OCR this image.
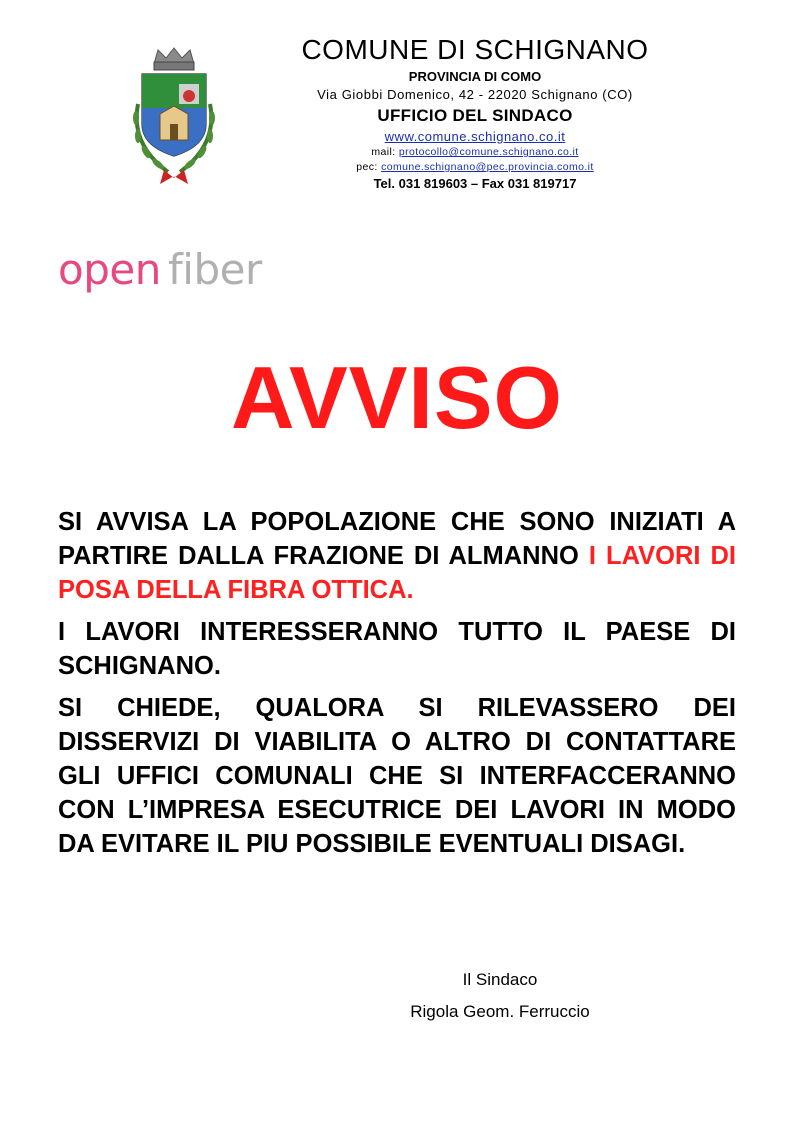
COMUNE DI SCHIGNANO
PROVINCIA DI COMO
Via Giobbi Domenico, 42 - 22020 Schignano (CO)
UFFICIO DEL SINDACO
www.comune.schignano.co.it
mail: protocollo@comune.schignano.co.it
pec: comune.schignano@pec.provincia.como.it
Tel. 031 819603 – Fax 031 819717
open fiber
AVVISO

SI AVVISA LA POPOLAZIONE CHE SONO INIZIATI A PARTIRE DALLA FRAZIONE DI ALMANNO I LAVORI DI POSA DELLA FIBRA OTTICA.

I LAVORI INTERESSERANNO TUTTO IL PAESE DI SCHIGNANO.

SI CHIEDE, QUALORA SI RILEVASSERO DEI DISSERVIZI DI VIABILITA O ALTRO DI CONTATTARE GLI UFFICI COMUNALI CHE SI INTERFACCERANNO CON L’IMPRESA ESECUTRICE DEI LAVORI IN MODO DA EVITARE IL PIU POSSIBILE EVENTUALI DISAGI.

Il Sindaco
Rigola Geom. Ferruccio
